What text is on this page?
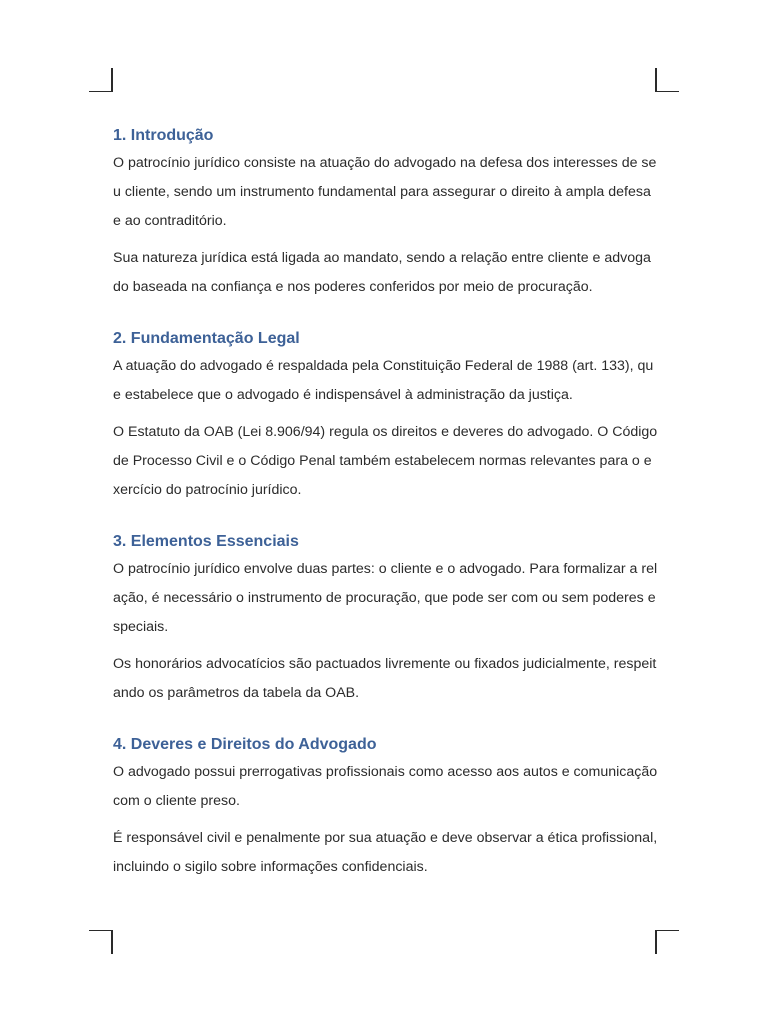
1. Introdução

O patrocínio jurídico consiste na atuação do advogado na defesa dos interesses de seu cliente, sendo um instrumento fundamental para assegurar o direito à ampla defesa e ao contraditório.

Sua natureza jurídica está ligada ao mandato, sendo a relação entre cliente e advogado baseada na confiança e nos poderes conferidos por meio de procuração.

2. Fundamentação Legal

A atuação do advogado é respaldada pela Constituição Federal de 1988 (art. 133), que estabelece que o advogado é indispensável à administração da justiça.

O Estatuto da OAB (Lei 8.906/94) regula os direitos e deveres do advogado. O Código de Processo Civil e o Código Penal também estabelecem normas relevantes para o exercício do patrocínio jurídico.

3. Elementos Essenciais

O patrocínio jurídico envolve duas partes: o cliente e o advogado. Para formalizar a relação, é necessário o instrumento de procuração, que pode ser com ou sem poderes especiais.

Os honorários advocatícios são pactuados livremente ou fixados judicialmente, respeitando os parâmetros da tabela da OAB.

4. Deveres e Direitos do Advogado

O advogado possui prerrogativas profissionais como acesso aos autos e comunicação com o cliente preso.

É responsável civil e penalmente por sua atuação e deve observar a ética profissional, incluindo o sigilo sobre informações confidenciais.
